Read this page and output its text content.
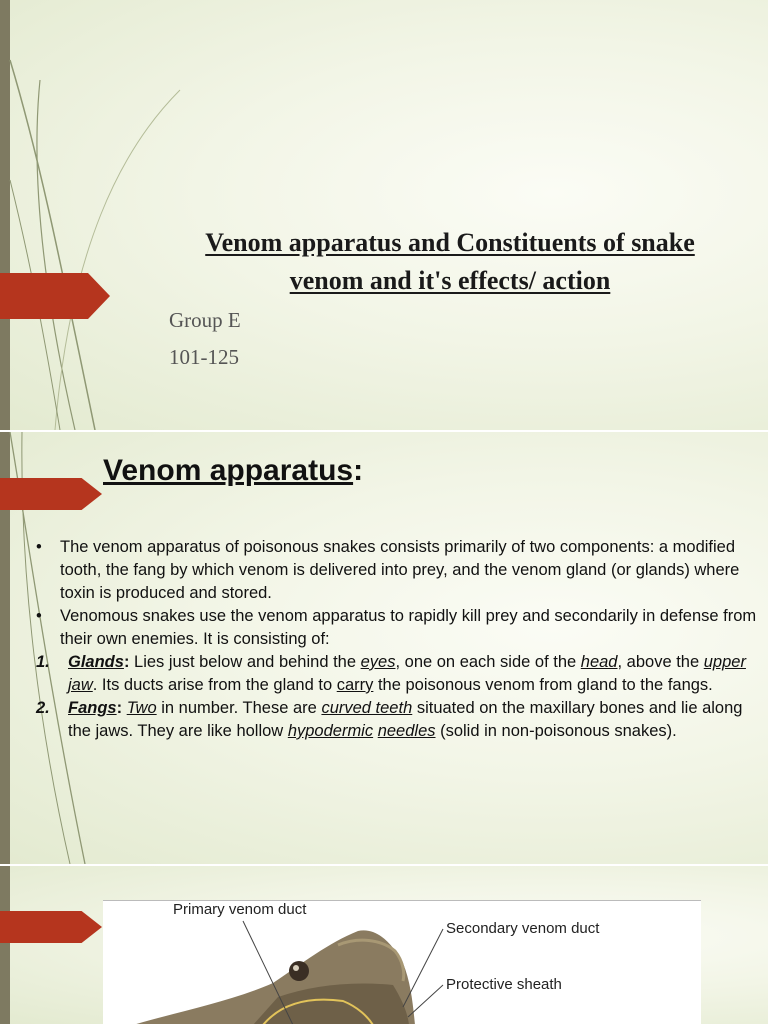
Venom apparatus and Constituents of snake
venom and it's effects/ action
Group E
101-125
Venom apparatus:
• The venom apparatus of poisonous snakes consists primarily of two components: a modified tooth, the fang by which venom is delivered into prey, and the venom gland (or glands) where toxin is produced and stored.
• Venomous snakes use the venom apparatus to rapidly kill prey and secondarily in defense from their own enemies. It is consisting of:
1. Glands: Lies just below and behind the eyes, one on each side of the head, above the upper jaw. Its ducts arise from the gland to carry the poisonous venom from gland to the fangs.
2. Fangs: Two in number. These are curved teeth situated on the maxillary bones and lie along the jaws. They are like hollow hypodermic needles (solid in non-poisonous snakes).
Primary venom duct
Secondary venom duct
Protective sheath
